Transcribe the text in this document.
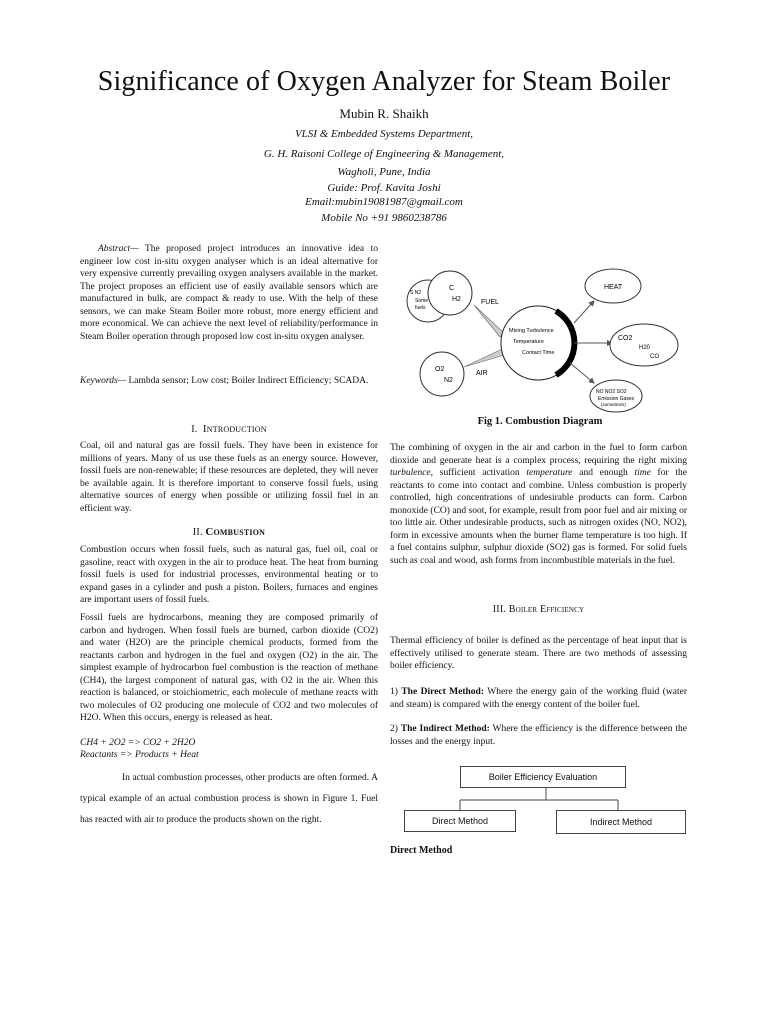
Significance of Oxygen Analyzer for Steam Boiler
Mubin R. Shaikh
VLSI & Embedded Systems Department,
G. H. Raisoni College of Engineering & Management,
Wagholi, Pune, India
Guide: Prof. Kavita Joshi
Email:mubin19081987@gmail.com
Mobile No +91 9860238786

Abstract— The proposed project introduces an innovative idea to engineer low cost in-situ oxygen analyser which is an ideal alternative for very expensive currently prevailing oxygen analysers available in the market. The project proposes an efficient use of easily available sensors which are manufactured in bulk, are compact & ready to use. With the help of these sensors, we can make Steam Boiler more robust, more energy efficient and more economical. We can achieve the next level of reliability/performance in Steam Boiler operation through proposed low cost in-situ oxygen analyser.

Keywords— Lambda sensor; Low cost; Boiler Indirect Efficiency; SCADA.

I. Introduction

Coal, oil and natural gas are fossil fuels. They have been in existence for millions of years. Many of us use these fuels as an energy source. However, fossil fuels are non-renewable; if these resources are depleted, they will never be available again. It is therefore important to conserve fossil fuels, using alternative sources of energy when possible or utilizing fossil fuel in an efficient way.

II. Combustion

Combustion occurs when fossil fuels, such as natural gas, fuel oil, coal or gasoline, react with oxygen in the air to produce heat. The heat from burning fossil fuels is used for industrial processes, environmental heating or to expand gases in a cylinder and push a piston. Boilers, furnaces and engines are important users of fossil fuels.

Fossil fuels are hydrocarbons, meaning they are composed primarily of carbon and hydrogen. When fossil fuels are burned, carbon dioxide (CO2) and water (H2O) are the principle chemical products, formed from the reactants carbon and hydrogen in the fuel and oxygen (O2) in the air. The simplest example of hydrocarbon fuel combustion is the reaction of methane (CH4), the largest component of natural gas, with O2 in the air. When this reaction is balanced, or stoichiometric, each molecule of methane reacts with two molecules of O2 producing one molecule of CO2 and two molecules of H2O. When this occurs, energy is released as heat.

CH4 + 2O2 => CO2 + 2H2O
Reactants => Products + Heat

In actual combustion processes, other products are often formed. A typical example of an actual combustion process is shown in Figure 1. Fuel has reacted with air to produce the products shown on the right.

S N2
Some
fuels
C
H2	FUEL
O2
N2
AIR
Mixing Turbulence
Temperature
Contact Time
HEAT
CO2
H20
CO
NO NO2 SO2
Emission Gases
(sometimes)
Fig 1. Combustion Diagram

The combining of oxygen in the air and carbon in the fuel to form carbon dioxide and generate heat is a complex process, requiring the right mixing turbulence, sufficient activation temperature and enough time for the reactants to come into contact and combine. Unless combustion is properly controlled, high concentrations of undesirable products can form. Carbon monoxide (CO) and soot, for example, result from poor fuel and air mixing or too little air. Other undesirable products, such as nitrogen oxides (NO, NO2), form in excessive amounts when the burner flame temperature is too high. If a fuel contains sulphur, sulphur dioxide (SO2) gas is formed. For solid fuels such as coal and wood, ash forms from incombustible materials in the fuel.

III. Boiler Efficiency

Thermal efficiency of boiler is defined as the percentage of heat input that is effectively utilised to generate steam. There are two methods of assessing boiler efficiency.

1) The Direct Method: Where the energy gain of the working fluid (water and steam) is compared with the energy content of the boiler fuel.

2) The Indirect Method: Where the efficiency is the difference between the losses and the energy input.

Boiler Efficiency Evaluation
Direct Method	Indirect Method
Direct Method
